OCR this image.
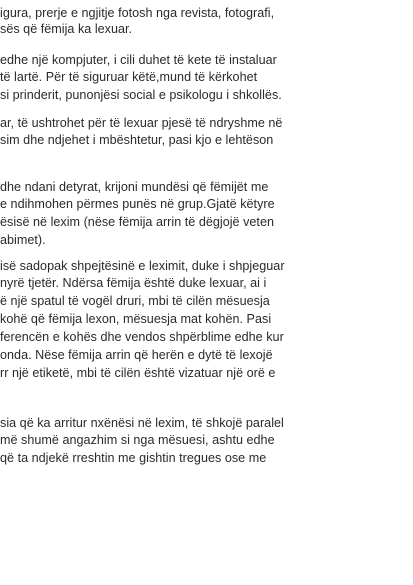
igura, prerje e ngjitje fotosh nga revista, fotografi,
sës që fëmija ka lexuar.
edhe një kompjuter, i cili duhet të kete të instaluar
të lartë. Për të siguruar këtë,mund të kërkohet
si prinderit, punonjësi social e psikologu i shkollës.
ar, të ushtrohet për të lexuar pjesë të ndryshme në
sim dhe ndjehet i mbështetur, pasi kjo e lehtëson
dhe ndani detyrat, krijoni mundësi që fëmijët me
e ndihmohen përmes punës në grup.Gjatë këtyre
ësisë në lexim (nëse fëmija arrin të dëgjojë veten
abimet).
isë sadopak shpejtësinë e leximit, duke i shpjeguar
nyrë tjetër. Ndërsa fëmija është duke lexuar, ai i
ë një spatul të vogël druri, mbi të cilën mësuesja
kohë që fëmija lexon, mësuesja mat kohën. Pasi
ferencën e kohës dhe vendos shpërblime edhe kur
onda. Nëse fëmija arrin që herën e dytë të lexojë
rr një etiketë, mbi të cilën është vizatuar një orë e
sia që ka arritur nxënësi në lexim, të shkojë paralel
më shumë angazhim si nga mësuesi, ashtu edhe
që ta ndjekë rreshtin me gishtin tregues ose me
